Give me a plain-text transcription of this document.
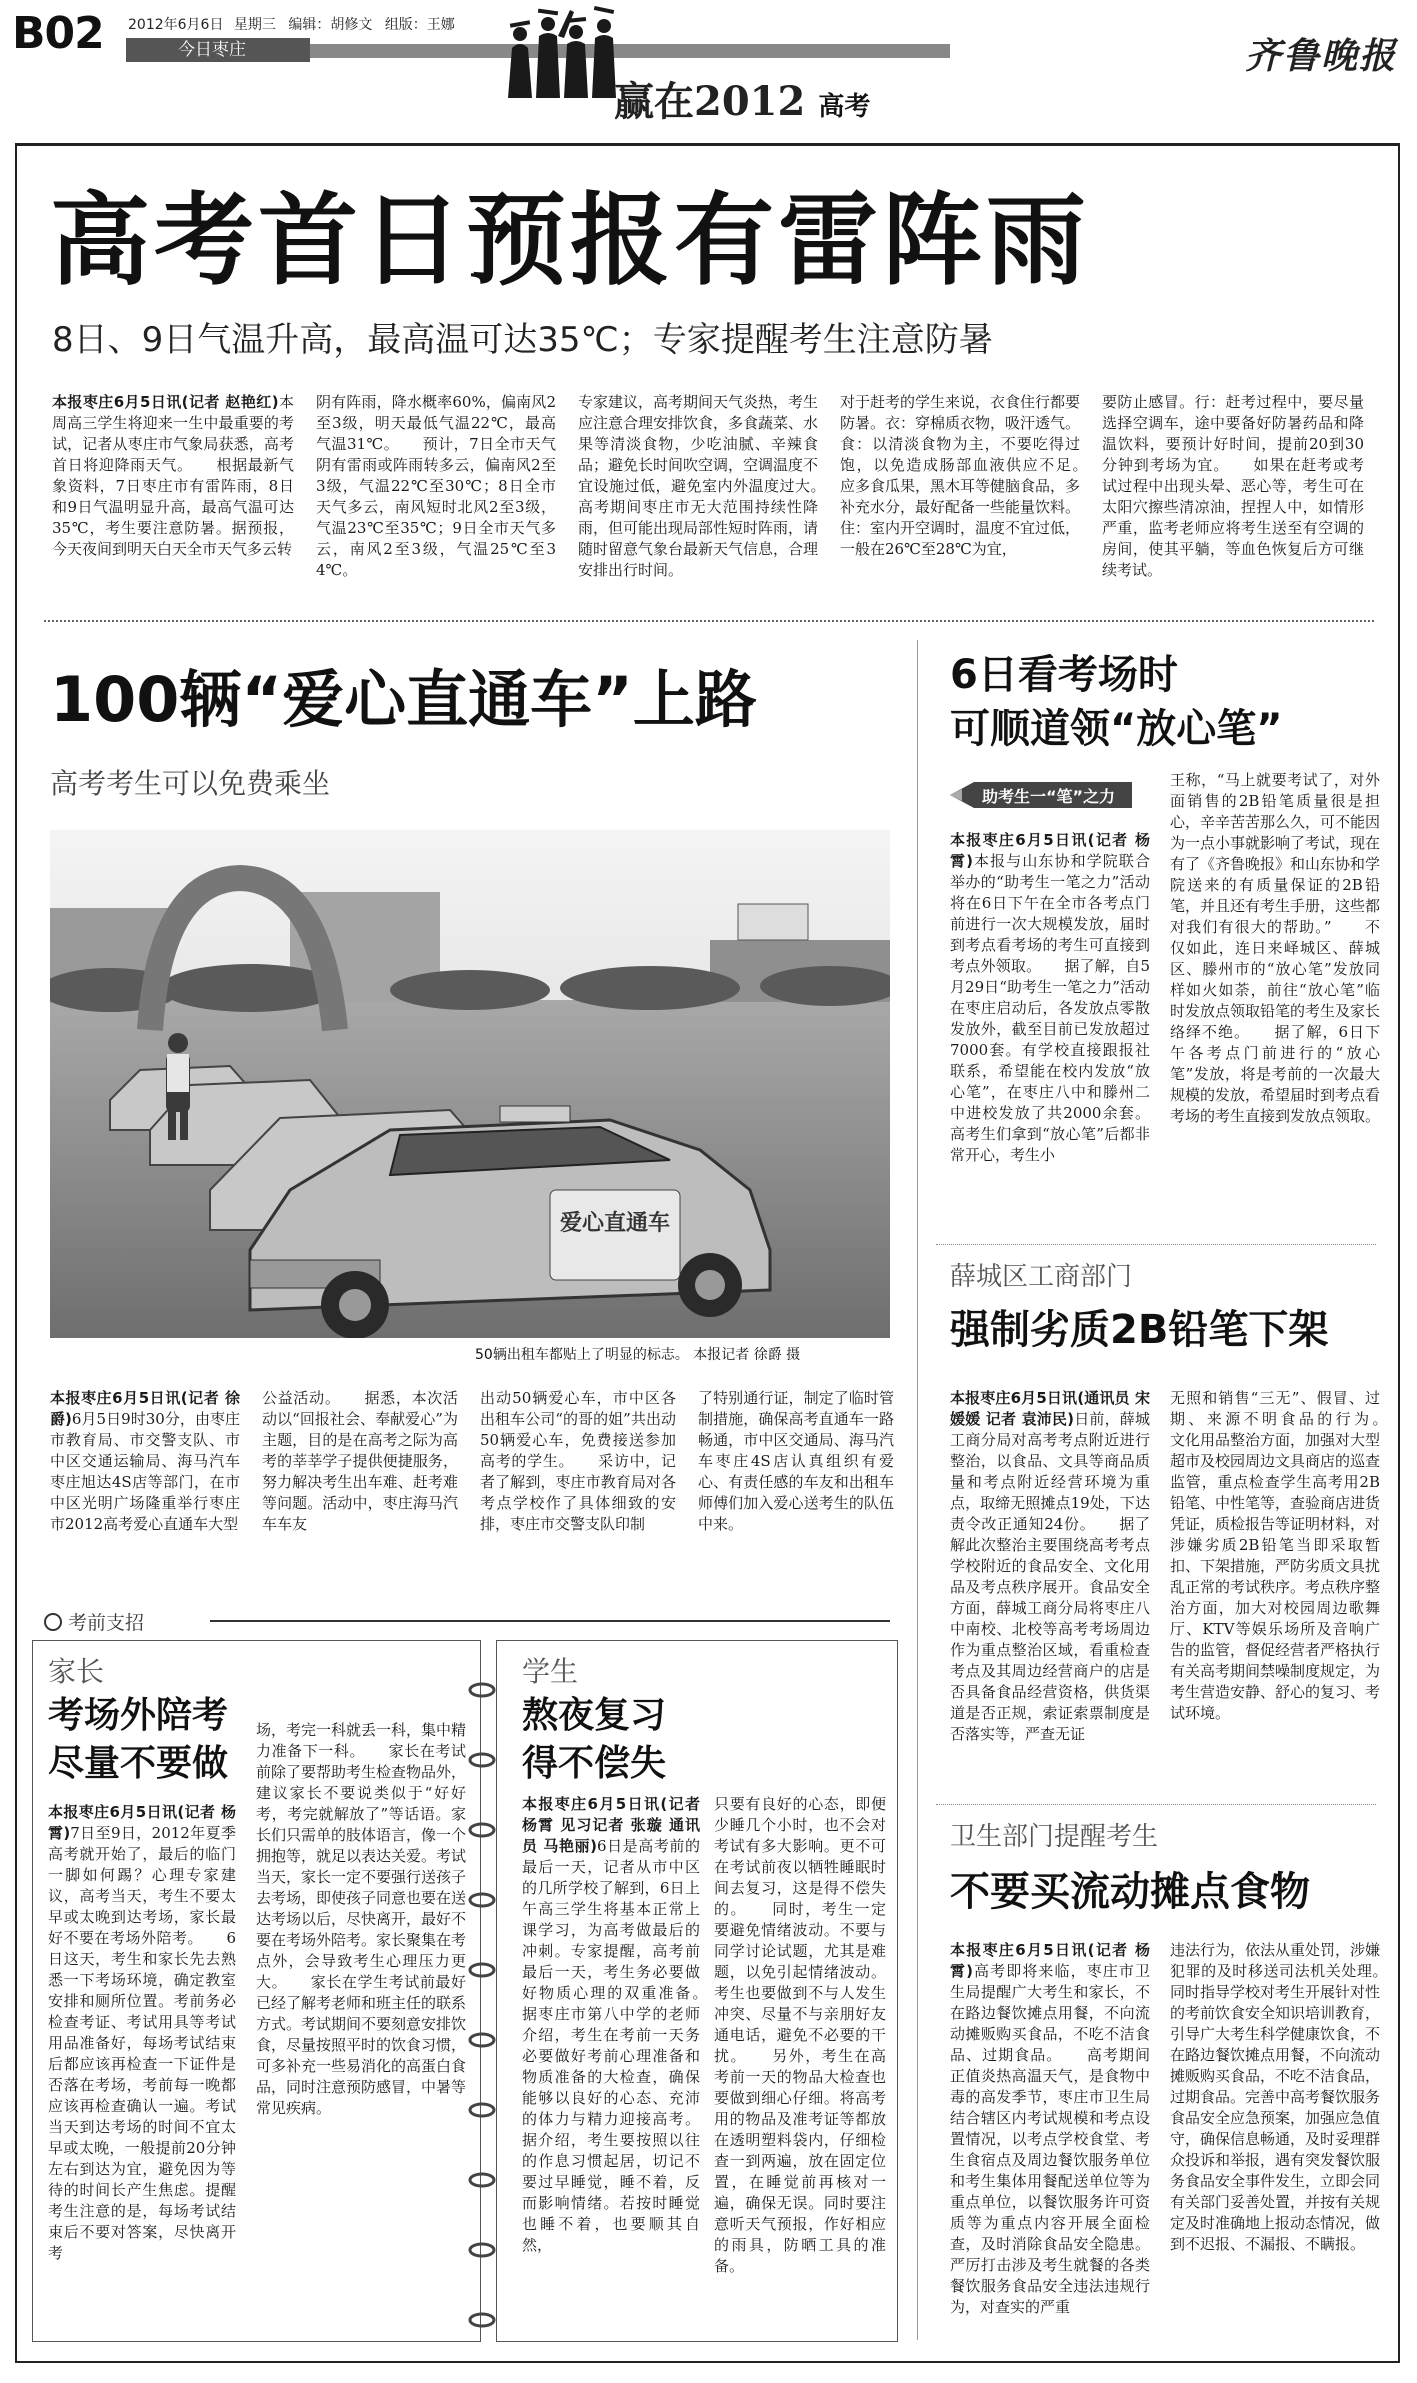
B02 2012年6月6日 星期三 编辑：胡修文 组版：王娜
今日枣庄
赢在2012 高考
齐鲁晚报
高考首日预报有雷阵雨
8日、9日气温升高，最高温可达35℃；专家提醒考生注意防暑

本报枣庄6月5日讯(记者 赵艳红)本周高三学生将迎来一生中最重要的考试，记者从枣庄市气象局获悉，高考首日将迎降雨天气。　　根据最新气象资料，7日枣庄市有雷阵雨，8日和9日气温明显升高，最高气温可达35℃，考生要注意防暑。据预报，今天夜间到明天白天全市天气多云转

阴有阵雨，降水概率60%，偏南风2至3级，明天最低气温22℃，最高气温31℃。　　预计，7日全市天气阴有雷雨或阵雨转多云，偏南风2至3级，气温22℃至30℃；8日全市天气多云，南风短时北风2至3级，气温23℃至35℃；9日全市天气多云，南风2至3级，气温25℃至34℃。

专家建议，高考期间天气炎热，考生应注意合理安排饮食，多食蔬菜、水果等清淡食物，少吃油腻、辛辣食品；避免长时间吹空调，空调温度不宜设施过低，避免室内外温度过大。　　高考期间枣庄市无大范围持续性降雨，但可能出现局部性短时阵雨，请随时留意气象台最新天气信息，合理安排出行时间。

对于赶考的学生来说，衣食住行都要防暑。衣：穿棉质衣物，吸汗透气。食：以清淡食物为主，不要吃得过饱，以免造成肠部血液供应不足。　　应多食瓜果，黑木耳等健脑食品，多补充水分，最好配备一些能量饮料。住：室内开空调时，温度不宜过低，一般在26℃至28℃为宜，

要防止感冒。行：赶考过程中，要尽量选择空调车，途中要备好防暑药品和降温饮料，要预计好时间，提前20到30分钟到考场为宜。　　如果在赶考或考试过程中出现头晕、恶心等，考生可在太阳穴擦些清凉油，捏捏人中，如情形严重，监考老师应将考生送至有空调的房间，使其平躺，等血色恢复后方可继续考试。

100辆“爱心直通车”上路
高考考生可以免费乘坐
爱心直通车
50辆出租车都贴上了明显的标志。 本报记者 徐爵 摄

本报枣庄6月5日讯(记者 徐爵)6月5日9时30分，由枣庄市教育局、市交警支队、市中区交通运输局、海马汽车枣庄旭达4S店等部门，在市中区光明广场隆重举行枣庄市2012高考爱心直通车大型

公益活动。　　据悉，本次活动以“回报社会、奉献爱心”为主题，目的是在高考之际为高考的莘莘学子提供便捷服务，努力解决考生出车难、赶考难等问题。活动中，枣庄海马汽车车友

出动50辆爱心车，市中区各出租车公司“的哥的姐”共出动50辆爱心车，免费接送参加高考的学生。　　采访中，记者了解到，枣庄市教育局对各考点学校作了具体细致的安排，枣庄市交警支队印制

了特别通行证，制定了临时管制措施，确保高考直通车一路畅通，市中区交通局、海马汽车枣庄4S店认真组织有爱心、有责任感的车友和出租车师傅们加入爱心送考生的队伍中来。

6日看考场时
可顺道领“放心笔”
助考生一“笔”之力

本报枣庄6月5日讯(记者 杨霄)本报与山东协和学院联合举办的“助考生一笔之力”活动将在6日下午在全市各考点门前进行一次大规模发放，届时到考点看考场的考生可直接到考点外领取。　　据了解，自5月29日“助考生一笔之力”活动在枣庄启动后，各发放点零散发放外，截至目前已发放超过7000套。有学校直接跟报社联系，希望能在校内发放“放心笔”，在枣庄八中和滕州二中进校发放了共2000余套。高考生们拿到“放心笔”后都非常开心，考生小

王称，“马上就要考试了，对外面销售的2B铅笔质量很是担心，辛辛苦苦那么久，可不能因为一点小事就影响了考试，现在有了《齐鲁晚报》和山东协和学院送来的有质量保证的2B铅笔，并且还有考生手册，这些都对我们有很大的帮助。”　　不仅如此，连日来峄城区、薛城区、滕州市的“放心笔”发放同样如火如荼，前往“放心笔”临时发放点领取铅笔的考生及家长络绎不绝。　　据了解，6日下午各考点门前进行的“放心笔”发放，将是考前的一次最大规模的发放，希望届时到考点看考场的考生直接到发放点领取。

薛城区工商部门
强制劣质2B铅笔下架

本报枣庄6月5日讯(通讯员 宋媛媛 记者 袁沛民)日前，薛城工商分局对高考考点附近进行整治，以食品、文具等商品质量和考点附近经营环境为重点，取缔无照摊点19处，下达责令改正通知24份。　　据了解此次整治主要围绕高考考点学校附近的食品安全、文化用品及考点秩序展开。食品安全方面，薛城工商分局将枣庄八中南校、北校等高考考场周边作为重点整治区域，看重检查考点及其周边经营商户的店是否具备食品经营资格，供货渠道是否正规，索证索票制度是否落实等，严查无证

无照和销售“三无”、假冒、过期、来源不明食品的行为。　　文化用品整治方面，加强对大型超市及校园周边文具商店的巡查监管，重点检查学生高考用2B铅笔、中性笔等，查验商店进货凭证，质检报告等证明材料，对涉嫌劣质2B铅笔当即采取暂扣、下架措施，严防劣质文具扰乱正常的考试秩序。考点秩序整治方面，加大对校园周边歌舞厅、KTV等娱乐场所及音响广告的监管，督促经营者严格执行有关高考期间禁噪制度规定，为考生营造安静、舒心的复习、考试环境。

卫生部门提醒考生
不要买流动摊点食物

本报枣庄6月5日讯(记者 杨霄)高考即将来临，枣庄市卫生局提醒广大考生和家长，不在路边餐饮摊点用餐，不向流动摊贩购买食品，不吃不洁食品、过期食品。　　高考期间正值炎热高温天气，是食物中毒的高发季节，枣庄市卫生局结合辖区内考试规模和考点设置情况，以考点学校食堂、考生食宿点及周边餐饮服务单位和考生集体用餐配送单位等为重点单位，以餐饮服务许可资质等为重点内容开展全面检查，及时消除食品安全隐患。严厉打击涉及考生就餐的各类餐饮服务食品安全违法违规行为，对查实的严重

违法行为，依法从重处罚，涉嫌犯罪的及时移送司法机关处理。　　同时指导学校对考生开展针对性的考前饮食安全知识培训教育，引导广大考生科学健康饮食，不在路边餐饮摊点用餐，不向流动摊贩购买食品，不吃不洁食品，过期食品。完善中高考餐饮服务食品安全应急预案，加强应急值守，确保信息畅通，及时妥理群众投诉和举报，遇有突发餐饮服务食品安全事件发生，立即会同有关部门妥善处置，并按有关规定及时准确地上报动态情况，做到不迟报、不漏报、不瞒报。

考前支招
家长
考场外陪考
尽量不要做

本报枣庄6月5日讯(记者 杨霄)7日至9日，2012年夏季高考就开始了，最后的临门一脚如何踢？心理专家建议，高考当天，考生不要太早或太晚到达考场，家长最好不要在考场外陪考。　　6日这天，考生和家长先去熟悉一下考场环境，确定教室安排和厕所位置。考前务必检查考证、考试用具等考试用品准备好，每场考试结束后都应该再检查一下证件是否落在考场，考前每一晚都应该再检查确认一遍。考试当天到达考场的时间不宜太早或太晚，一般提前20分钟左右到达为宜，避免因为等待的时间长产生焦虑。提醒考生注意的是，每场考试结束后不要对答案，尽快离开考

场，考完一科就丢一科，集中精力准备下一科。　　家长在考试前除了要帮助考生检查物品外，建议家长不要说类似于“好好考，考完就解放了”等话语。家长们只需单的肢体语言，像一个拥抱等，就足以表达关爱。考试当天，家长一定不要强行送孩子去考场，即使孩子同意也要在送达考场以后，尽快离开，最好不要在考场外陪考。家长聚集在考点外，会导致考生心理压力更大。　　家长在学生考试前最好已经了解考老师和班主任的联系方式。考试期间不要刻意安排饮食，尽量按照平时的饮食习惯，可多补充一些易消化的高蛋白食品，同时注意预防感冒，中暑等常见疾病。

学生
熬夜复习
得不偿失

本报枣庄6月5日讯(记者 杨霄 见习记者 张璇 通讯员 马艳丽)6日是高考前的最后一天，记者从市中区的几所学校了解到，6日上午高三学生将基本正常上课学习，为高考做最后的冲刺。专家提醒，高考前最后一天，考生务必要做好物质心理的双重准备。　　据枣庄市第八中学的老师介绍，考生在考前一天务必要做好考前心理准备和物质准备的大检查，确保能够以良好的心态、充沛的体力与精力迎接高考。据介绍，考生要按照以往的作息习惯起居，切记不要过早睡觉，睡不着，反而影响情绪。若按时睡觉也睡不着，也要顺其自然，

只要有良好的心态，即便少睡几个小时，也不会对考试有多大影响。更不可在考试前夜以牺牲睡眠时间去复习，这是得不偿失的。　　同时，考生一定要避免情绪波动。不要与同学讨论试题，尤其是难题，以免引起情绪波动。考生也要做到不与人发生冲突、尽量不与亲朋好友通电话，避免不必要的干扰。　　另外，考生在高考前一天的物品大检查也要做到细心仔细。将高考用的物品及准考证等都放在透明塑料袋内，仔细检查一到两遍，放在固定位置，在睡觉前再核对一遍，确保无误。同时要注意听天气预报，作好相应的雨具，防晒工具的准备。
